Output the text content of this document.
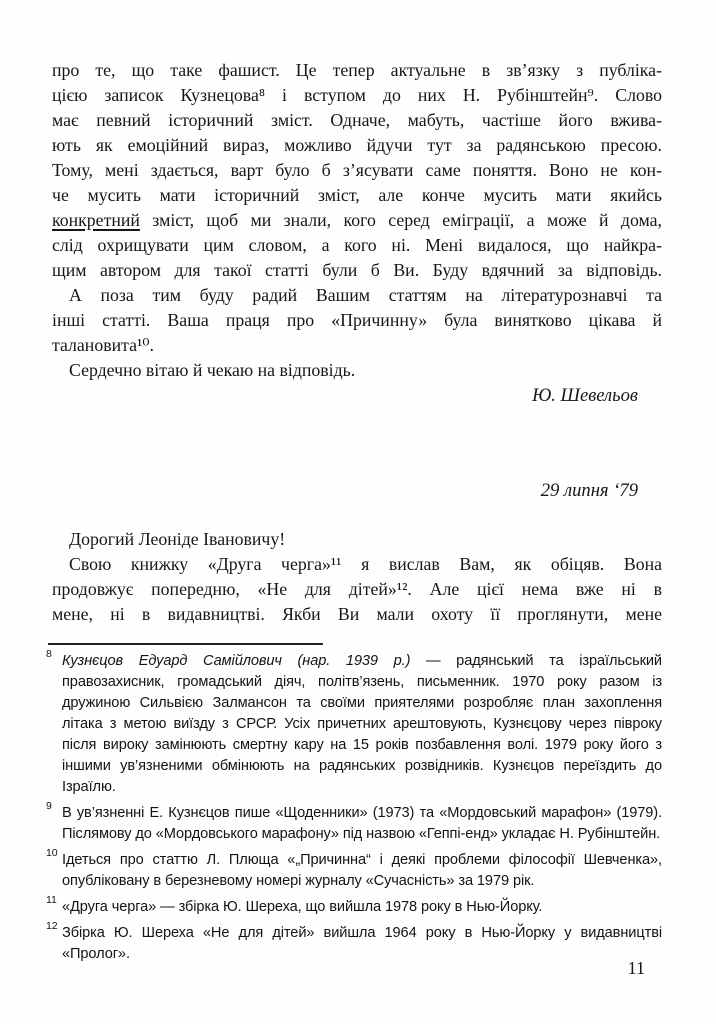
про те, що таке фашист. Це тепер актуальне в зв’язку з публіка-
цією записок Кузнецова⁸ і вступом до них Н. Рубінштейн⁹. Слово
має певний історичний зміст. Одначе, мабуть, частіше його вжива-
ють як емоційний вираз, можливо йдучи тут за радянською пресою.
Тому, мені здається, варт було б з’ясувати саме поняття. Воно не кон-
че мусить мати історичний зміст, але конче мусить мати якийсь
конкретний зміст, щоб ми знали, кого серед еміграції, а може й дома,
слід охрищувати цим словом, а кого ні. Мені видалося, що найкра-
щим автором для такої статті були б Ви. Буду вдячний за відповідь.
А поза тим буду радий Вашим статтям на літературознавчі та
інші статті. Ваша праця про «Причинну» була винятково цікава й
талановита¹⁰.
Сердечно вітаю й чекаю на відповідь.
Ю. Шевельов
29 липня ‘79
Дорогий Леоніде Івановичу!
Свою книжку «Друга черга»¹¹ я вислав Вам, як обіцяв. Вона
продовжує попередню, «Не для дітей»¹². Але цієї нема вже ні в
мене, ні в видавництві. Якби Ви мали охоту її проглянути, мене
8 Кузнєцов Едуард Самійлович (нар. 1939 р.) — радянський та ізраїльський правозахисник, громадський діяч, політв’язень, письменник. 1970 року разом із дружиною Сильвією Залмансон та своїми приятелями розробляє план захоплення літака з метою виїзду з СРСР. Усіх причетних арештовують, Кузнєцову через півроку після вироку замінюють смертну кару на 15 років позбавлення волі. 1979 року його з іншими ув’язненими обмінюють на радянських розвідників. Кузнєцов переїздить до Ізраїлю.
9 В ув’язненні Е. Кузнєцов пише «Щоденники» (1973) та «Мордовський марафон» (1979). Післямову до «Мордовського марафону» під назвою «Геппі-енд» укладає Н. Рубінштейн.
10 Ідеться про статтю Л. Плюща «„Причинна“ і деякі проблеми філософії Шевченка», опубліковану в березневому номері журналу «Сучасність» за 1979 рік.
11 «Друга черга» — збірка Ю. Шереха, що вийшла 1978 року в Нью-Йорку.
12 Збірка Ю. Шереха «Не для дітей» вийшла 1964 року в Нью-Йорку у видавництві «Пролог».
11
